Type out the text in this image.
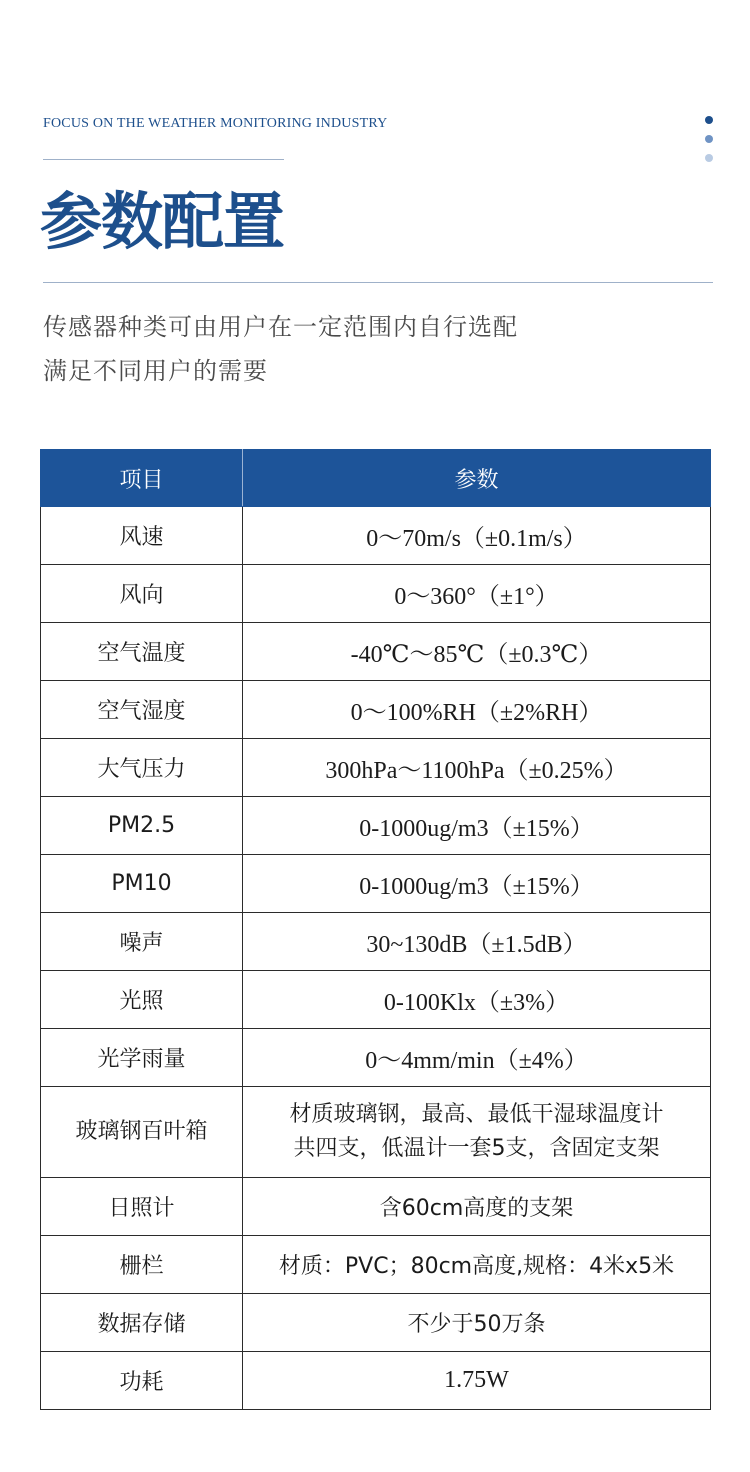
FOCUS ON THE WEATHER MONITORING INDUSTRY
参数配置
传感器种类可由用户在一定范围内自行选配
满足不同用户的需要
项目	参数
风速	0～70m/s（±0.1m/s）
风向	0～360°（±1°）
空气温度	-40℃～85℃（±0.3℃）
空气湿度	0～100%RH（±2%RH）
大气压力	300hPa～1100hPa（±0.25%）
PM2.5	0-1000ug/m3（±15%）
PM10	0-1000ug/m3（±15%）
噪声	30~130dB（±1.5dB）
光照	0-100Klx（±3%）
光学雨量	0～4mm/min（±4%）
玻璃钢百叶箱	材质玻璃钢，最高、最低干湿球温度计
共四支，低温计一套5支，含固定支架

日照计	含60cm高度的支架
栅栏	材质：PVC；80cm高度,规格：4米x5米
数据存储	不少于50万条
功耗	1.75W
